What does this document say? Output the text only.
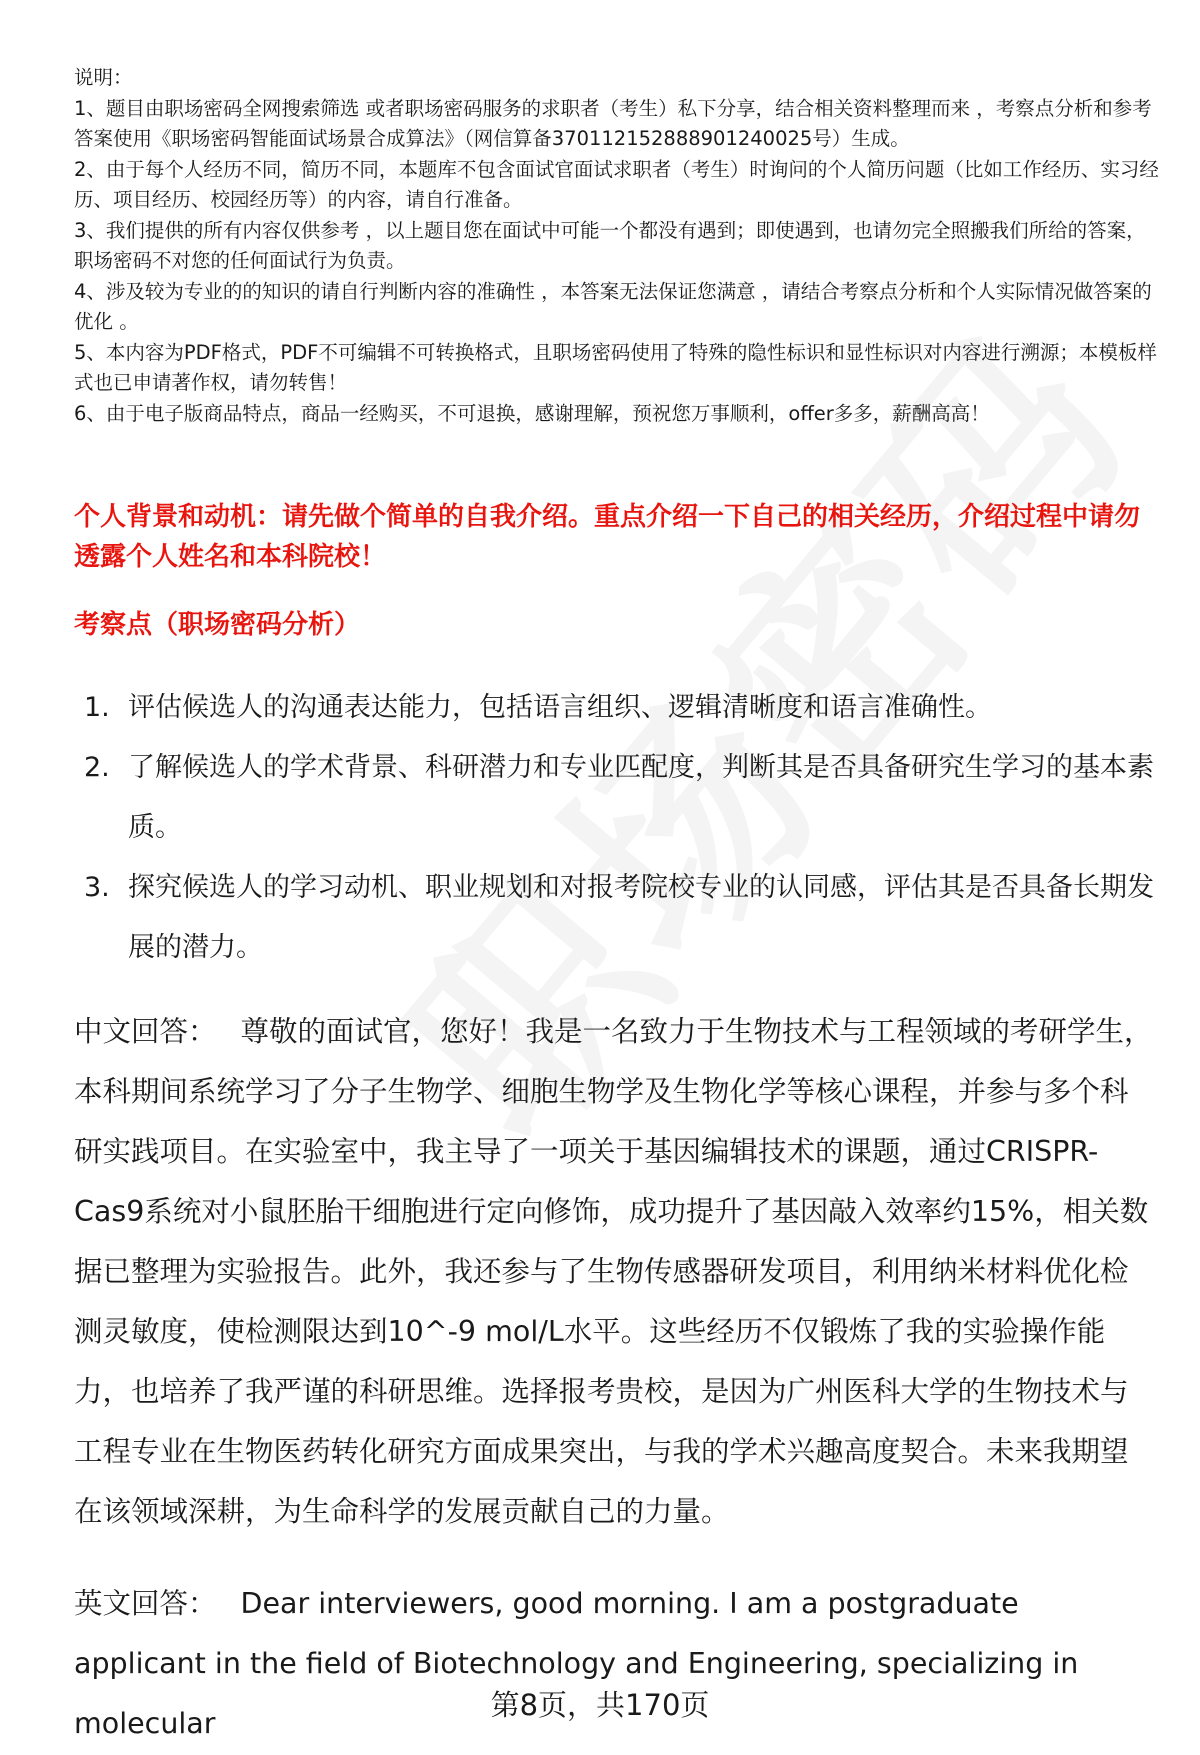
说明：

1、题目由职场密码全网搜索筛选 或者职场密码服务的求职者（考生）私下分享，结合相关资料整理而来 ，考察点分析和参考答案使用《职场密码智能面试场景合成算法》（网信算备370112152888901240025号）生成。

2、由于每个人经历不同，简历不同，本题库不包含面试官面试求职者（考生）时询问的个人简历问题（比如工作经历、实习经历、项目经历、校园经历等）的内容，请自行准备。

3、我们提供的所有内容仅供参考 ，以上题目您在面试中可能一个都没有遇到；即使遇到，也请勿完全照搬我们所给的答案，职场密码不对您的任何面试行为负责。

4、涉及较为专业的的知识的请自行判断内容的准确性 ，本答案无法保证您满意 ，请结合考察点分析和个人实际情况做答案的优化 。

5、本内容为PDF格式，PDF不可编辑不可转换格式，且职场密码使用了特殊的隐性标识和显性标识对内容进行溯源；本模板样式也已申请著作权，请勿转售！

6、由于电子版商品特点，商品一经购买，不可退换，感谢理解，预祝您万事顺利，offer多多，薪酬高高！

个人背景和动机：请先做个简单的自我介绍。重点介绍一下自己的相关经历，介绍过程中请勿透露个人姓名和本科院校！

考察点（职场密码分析）

1. 评估候选人的沟通表达能力，包括语言组织、逻辑清晰度和语言准确性。
2. 了解候选人的学术背景、科研潜力和专业匹配度，判断其是否具备研究生学习的基本素质。
3. 探究候选人的学习动机、职业规划和对报考院校专业的认同感，评估其是否具备长期发展的潜力。

中文回答： 尊敬的面试官，您好！我是一名致力于生物技术与工程领域的考研学生，本科期间系统学习了分子生物学、细胞生物学及生物化学等核心课程，并参与多个科研实践项目。在实验室中，我主导了一项关于基因编辑技术的课题，通过CRISPR-Cas9系统对小鼠胚胎干细胞进行定向修饰，成功提升了基因敲入效率约15%，相关数据已整理为实验报告。此外，我还参与了生物传感器研发项目，利用纳米材料优化检测灵敏度，使检测限达到10^-9 mol/L水平。这些经历不仅锻炼了我的实验操作能力，也培养了我严谨的科研思维。选择报考贵校，是因为广州医科大学的生物技术与工程专业在生物医药转化研究方面成果突出，与我的学术兴趣高度契合。未来我期望在该领域深耕，为生命科学的发展贡献自己的力量。

英文回答： Dear interviewers, good morning. I am a postgraduate applicant in the field of Biotechnology and Engineering, specializing in molecular

第8页，共170页
